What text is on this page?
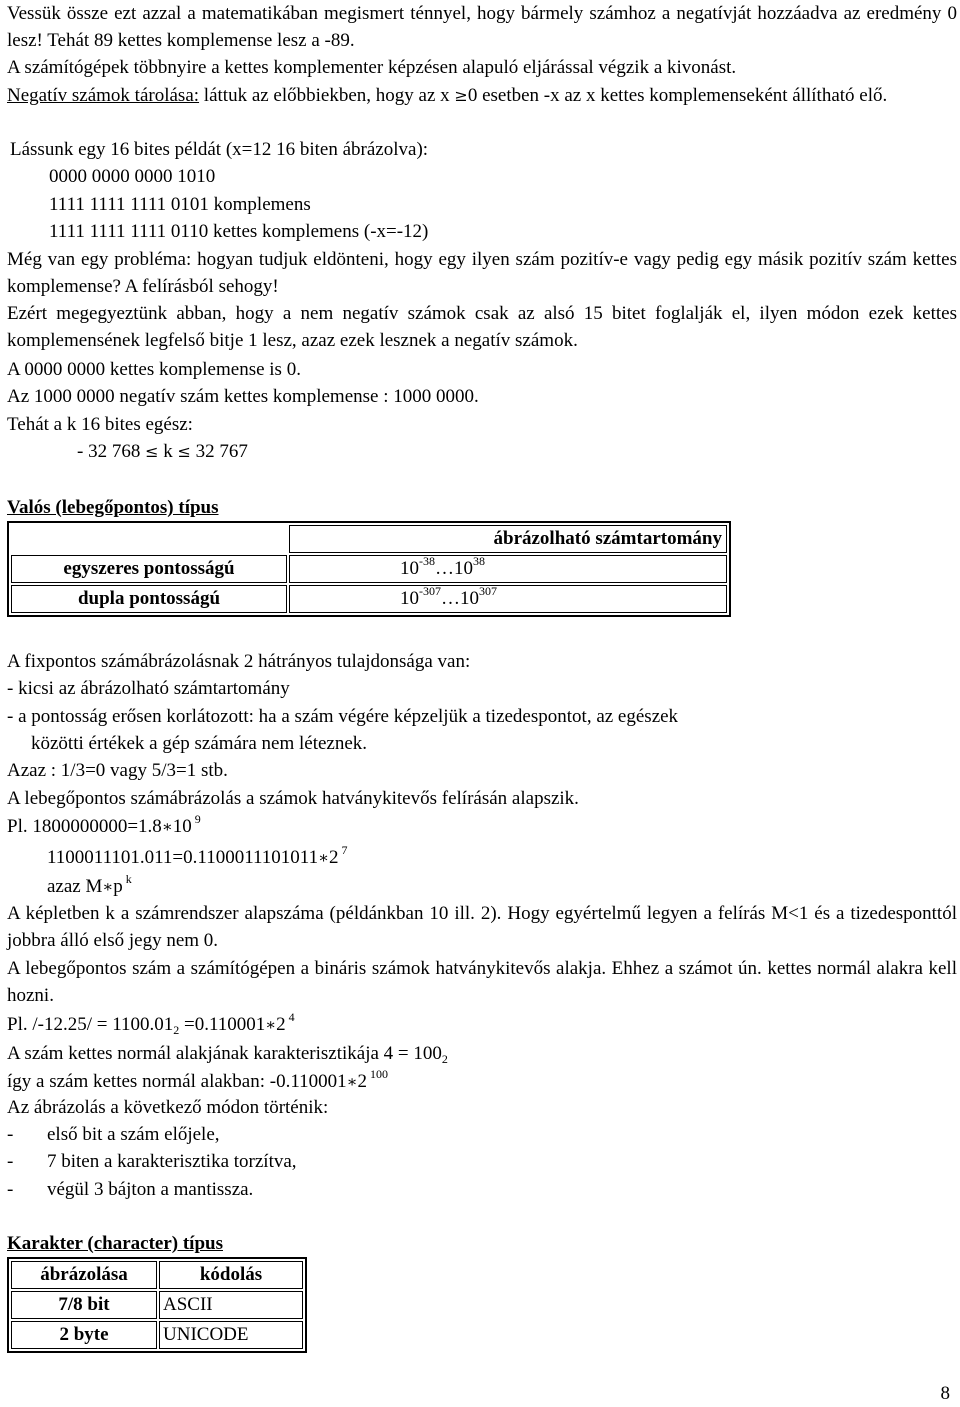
Vessük össze ezt azzal a matematikában megismert ténnyel, hogy bármely számhoz a negatívját hozzáadva az eredmény 0 lesz! Tehát 89 kettes komplemense lesz a -89.

A számítógépek többnyire a kettes komplementer képzésen alapuló eljárással végzik a kivonást.

Negatív számok tárolása: láttuk az előbbiekben, hogy az x ≥0 esetben -x az x kettes komplemenseként állítható elő.

Lássunk egy 16 bites példát (x=12 16 biten ábrázolva):

0000 0000 0000 1010

1111 1111 1111 0101 komplemens

1111 1111 1111 0110 kettes komplemens (-x=-12)

Még van egy probléma: hogyan tudjuk eldönteni, hogy egy ilyen szám pozitív-e vagy pedig egy másik pozitív szám kettes komplemense? A felírásból sehogy!

Ezért megegyeztünk abban, hogy a nem negatív számok csak az alsó 15 bitet foglalják el, ilyen módon ezek kettes komplemensének legfelső bitje 1 lesz, azaz ezek lesznek a negatív számok.

A 0000 0000 kettes komplemense is 0.

Az 1000 0000 negatív szám kettes komplemense : 1000 0000.

Tehát a k 16 bites egész:

- 32 768 ≤ k ≤ 32 767

Valós (lebegőpontos) típus

	ábrázolható számtartomány
egyszeres pontosságú	$10^{-38}\dots 10^{38}$
dupla pontosságú	$10^{-307}\dots 10^{307}$

A fixpontos számábrázolásnak 2 hátrányos tulajdonsága van:

- kicsi az ábrázolható számtartomány

- a pontosság erősen korlátozott: ha a szám végére képzeljük a tizedespontot, az egészek

közötti értékek a gép számára nem léteznek.

Azaz : 1/3=0 vagy 5/3=1 stb.

A lebegőpontos számábrázolás a számok hatványkitevős felírásán alapszik.

Pl. 1800000000=1.8∗10 $^9$

1100011101.011=0.1100011101011∗2 $^7$

azaz M∗p $^k$

A képletben k a számrendszer alapszáma (példánkban 10 ill. 2). Hogy egyértelmű legyen a felírás M<1 és a tizedesponttól jobbra álló első jegy nem 0.

A lebegőpontos szám a számítógépen a bináris számok hatványkitevős alakja. Ehhez a számot ún. kettes normál alakra kell hozni.

Pl. $/-12.25/ = 1100.01_2$ =0.110001∗2 $^4$

A szám kettes normál alakjának karakterisztikája $4 = 100_2$

így a szám kettes normál alakban: -0.110001∗2 $^{100}$

Az ábrázolás a következő módon történik:

- első bit a szám előjele,

- 7 biten a karakterisztika torzítva,

- végül 3 bájton a mantissza.

Karakter (character) típus

ábrázolása	kódolás
7/8 bit	ASCII
2 byte	UNICODE
8
